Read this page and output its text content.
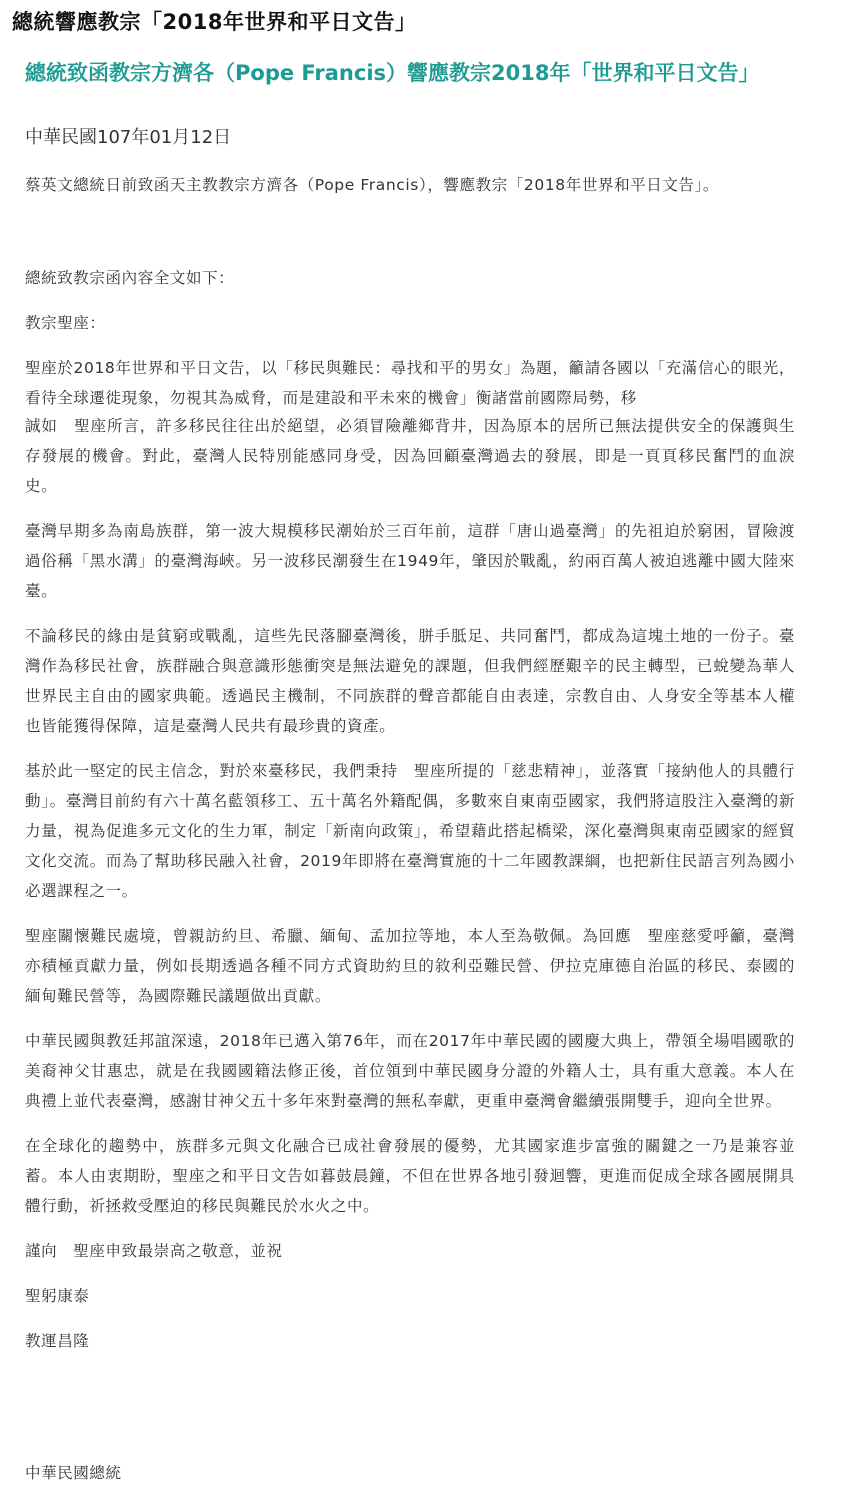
總統響應教宗「2018年世界和平日文告」
總統致函教宗方濟各（Pope Francis）響應教宗2018年「世界和平日文告」
中華民國107年01月12日

蔡英文總統日前致函天主教教宗方濟各（Pope Francis），響應教宗「2018年世界和平日文告」。

總統致教宗函內容全文如下：

教宗聖座：

聖座於2018年世界和平日文告，以「移民與難民：尋找和平的男女」為題，籲請各國以「充滿信心的眼光，看待全球遷徙現象，勿視其為威脅，而是建設和平未來的機會」衡諸當前國際局勢，移

誠如　聖座所言，許多移民往往出於絕望，必須冒險離鄉背井，因為原本的居所已無法提供安全的保護與生存發展的機會。對此，臺灣人民特別能感同身受，因為回顧臺灣過去的發展，即是一頁頁移民奮鬥的血淚史。

臺灣早期多為南島族群，第一波大規模移民潮始於三百年前，這群「唐山過臺灣」的先祖迫於窮困，冒險渡過俗稱「黑水溝」的臺灣海峽。另一波移民潮發生在1949年，肇因於戰亂，約兩百萬人被迫逃離中國大陸來臺。

不論移民的緣由是貧窮或戰亂，這些先民落腳臺灣後，胼手胝足、共同奮鬥，都成為這塊土地的一份子。臺灣作為移民社會，族群融合與意識形態衝突是無法避免的課題，但我們經歷艱辛的民主轉型，已蛻變為華人世界民主自由的國家典範。透過民主機制，不同族群的聲音都能自由表達，宗教自由、人身安全等基本人權也皆能獲得保障，這是臺灣人民共有最珍貴的資產。

基於此一堅定的民主信念，對於來臺移民，我們秉持　聖座所提的「慈悲精神」，並落實「接納他人的具體行動」。臺灣目前約有六十萬名藍領移工、五十萬名外籍配偶，多數來自東南亞國家，我們將這股注入臺灣的新力量，視為促進多元文化的生力軍，制定「新南向政策」，希望藉此搭起橋梁，深化臺灣與東南亞國家的經貿文化交流。而為了幫助移民融入社會，2019年即將在臺灣實施的十二年國教課綱，也把新住民語言列為國小必選課程之一。

聖座關懷難民處境，曾親訪約旦、希臘、緬甸、孟加拉等地，本人至為敬佩。為回應　聖座慈愛呼籲，臺灣亦積極貢獻力量，例如長期透過各種不同方式資助約旦的敘利亞難民營、伊拉克庫德自治區的移民、泰國的緬甸難民營等，為國際難民議題做出貢獻。

中華民國與教廷邦誼深遠，2018年已邁入第76年，而在2017年中華民國的國慶大典上，帶領全場唱國歌的美裔神父甘惠忠，就是在我國國籍法修正後，首位領到中華民國身分證的外籍人士，具有重大意義。本人在典禮上並代表臺灣，感謝甘神父五十多年來對臺灣的無私奉獻，更重申臺灣會繼續張開雙手，迎向全世界。

在全球化的趨勢中，族群多元與文化融合已成社會發展的優勢，尤其國家進步富強的關鍵之一乃是兼容並蓄。本人由衷期盼，聖座之和平日文告如暮鼓晨鐘，不但在世界各地引發迴響，更進而促成全球各國展開具體行動，祈拯救受壓迫的移民與難民於水火之中。

謹向　聖座申致最崇高之敬意，並祝

聖躬康泰

教運昌隆

中華民國總統
